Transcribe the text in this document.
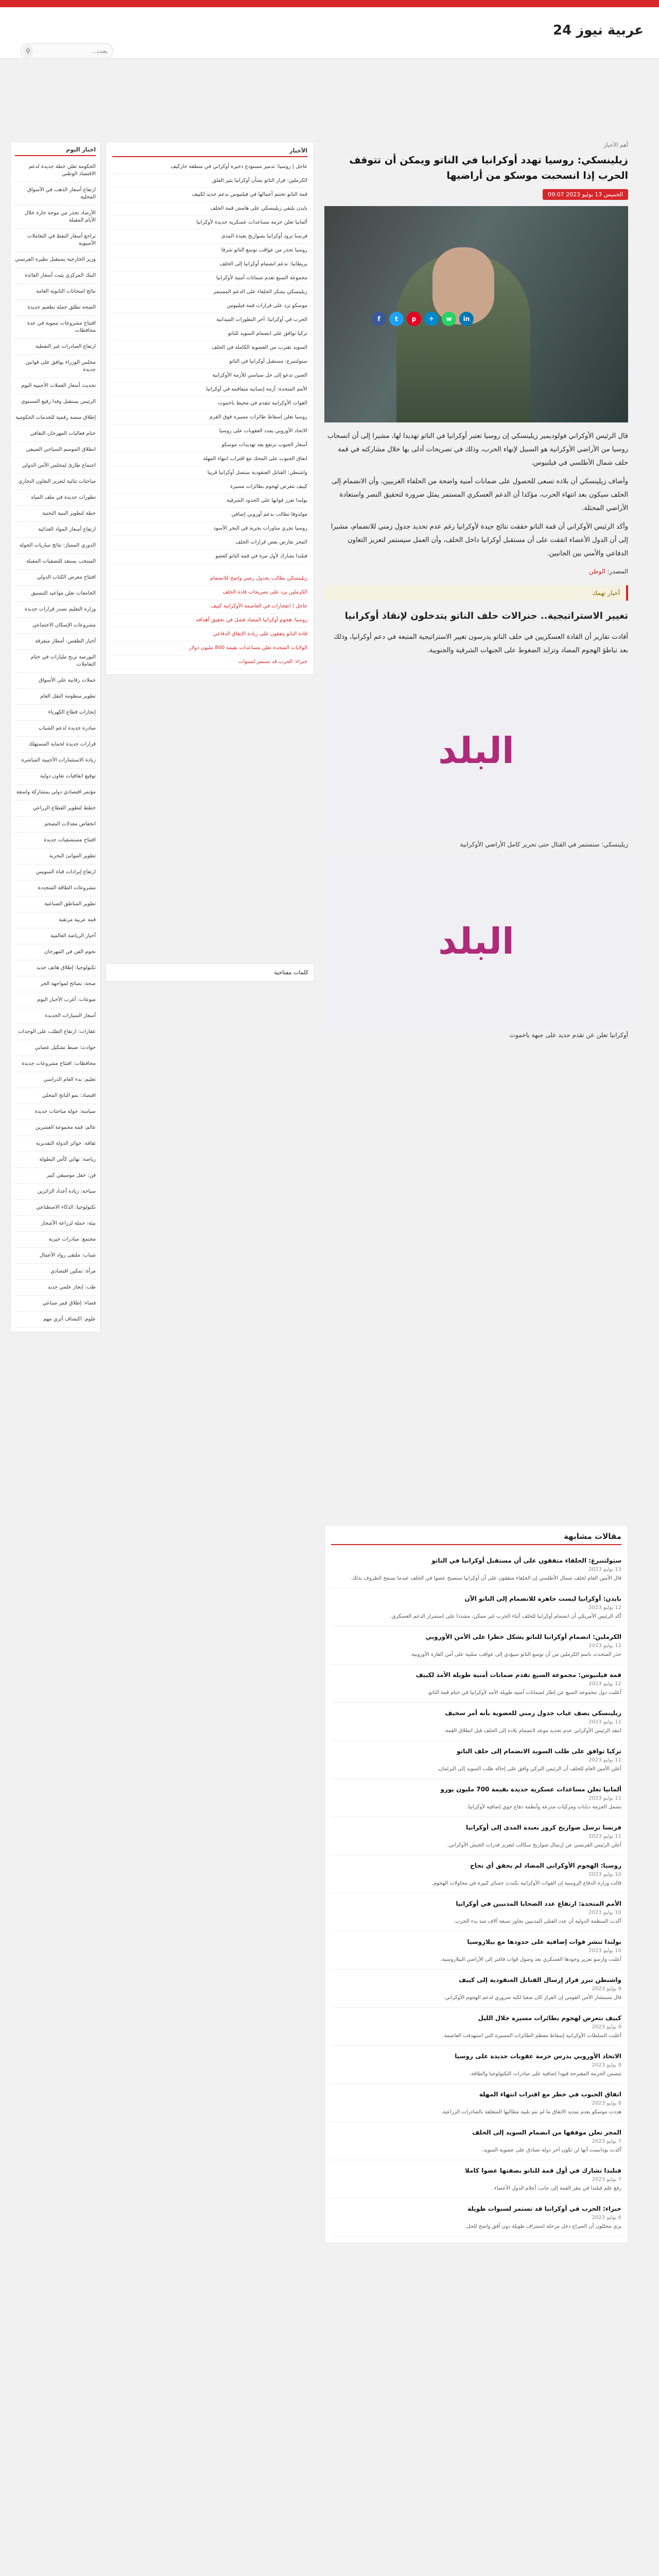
عربية نيوز 24
بحث...
⚲
اخبار اليوم
الحكومة تعلن خطة جديدة لدعم الاقتصاد الوطني
ارتفاع أسعار الذهب في الأسواق المحلية
الأرصاد تحذر من موجة حارة خلال الأيام المقبلة
تراجع أسعار النفط في التعاملات الآسيوية
وزير الخارجية يستقبل نظيره الفرنسي
البنك المركزي يثبت أسعار الفائدة
نتائج امتحانات الثانوية العامة
الصحة تطلق حملة تطعيم جديدة
افتتاح مشروعات تنموية في عدة محافظات
ارتفاع الصادرات غير النفطية
مجلس الوزراء يوافق على قوانين جديدة
تحديث أسعار العملات الأجنبية اليوم
الرئيس يستقبل وفدا رفيع المستوى
إطلاق منصة رقمية للخدمات الحكومية
ختام فعاليات المهرجان الثقافي
انطلاق الموسم السياحي الصيفي
اجتماع طارئ لمجلس الأمن الدولي
مباحثات ثنائية لتعزيز التعاون التجاري
تطورات جديدة في ملف المياه
خطة لتطوير البنية التحتية
ارتفاع أسعار المواد الغذائية
الدوري الممتاز: نتائج مباريات الجولة
المنتخب يستعد للتصفيات المقبلة
افتتاح معرض الكتاب الدولي
الجامعات تعلن مواعيد التنسيق
وزارة التعليم تصدر قرارات جديدة
مشروعات الإسكان الاجتماعي
أخبار الطقس: أمطار متفرقة
البورصة تربح مليارات في ختام التعاملات
حملات رقابية على الأسواق
تطوير منظومة النقل العام
إنجازات قطاع الكهرباء
مبادرة جديدة لدعم الشباب
قرارات جديدة لحماية المستهلك
زيادة الاستثمارات الأجنبية المباشرة
توقيع اتفاقيات تعاون دولية
مؤتمر اقتصادي دولي بمشاركة واسعة
خطط لتطوير القطاع الزراعي
انخفاض معدلات التضخم
افتتاح مستشفيات جديدة
تطوير الموانئ البحرية
ارتفاع إيرادات قناة السويس
مشروعات الطاقة المتجددة
تطوير المناطق الصناعية
قمة عربية مرتقبة
أخبار الرياضة العالمية
نجوم الفن في المهرجان
تكنولوجيا: إطلاق هاتف جديد
صحة: نصائح لمواجهة الحر
منوعات: أغرب الأخبار اليوم
أسعار السيارات الجديدة
عقارات: ارتفاع الطلب على الوحدات
حوادث: ضبط تشكيل عصابي
محافظات: افتتاح مشروعات جديدة
تعليم: بدء العام الدراسي
اقتصاد: نمو الناتج المحلي
سياسة: جولة مباحثات جديدة
عالم: قمة مجموعة العشرين
ثقافة: جوائز الدولة التقديرية
رياضة: نهائي كأس البطولة
فن: حفل موسيقي كبير
سياحة: زيادة أعداد الزائرين
تكنولوجيا: الذكاء الاصطناعي
بيئة: حملة لزراعة الأشجار
مجتمع: مبادرات خيرية
شباب: ملتقى رواد الأعمال
مرأة: تمكين اقتصادي
طب: إنجاز علمي جديد
فضاء: إطلاق قمر صناعي
علوم: اكتشاف أثري مهم
الأخبار
عاجل | روسيا: تدمير مستودع ذخيرة أوكراني في منطقة خاركيف
الكرملين: قرار الناتو بشأن أوكرانيا يثير القلق
قمة الناتو تختتم أعمالها في فيلنيوس بدعم جديد لكييف
بايدن يلتقي زيلينسكي على هامش قمة الحلف
ألمانيا تعلن حزمة مساعدات عسكرية جديدة لأوكرانيا
فرنسا تزود أوكرانيا بصواريخ بعيدة المدى
روسيا تحذر من عواقب توسع الناتو شرقا
بريطانيا: ندعم انضمام أوكرانيا إلى الحلف
مجموعة السبع تقدم ضمانات أمنية لأوكرانيا
زيلينسكي يشكر الحلفاء على الدعم المستمر
موسكو ترد على قرارات قمة فيلنيوس
الحرب في أوكرانيا: آخر التطورات الميدانية
تركيا توافق على انضمام السويد للناتو
السويد تقترب من العضوية الكاملة في الحلف
ستولتنبرغ: مستقبل أوكرانيا في الناتو
الصين تدعو إلى حل سياسي للأزمة الأوكرانية
الأمم المتحدة: أزمة إنسانية متفاقمة في أوكرانيا
القوات الأوكرانية تتقدم في محيط باخموت
روسيا تعلن إسقاط طائرات مسيرة فوق القرم
الاتحاد الأوروبي يمدد العقوبات على روسيا
أسعار الحبوب ترتفع بعد تهديدات موسكو
اتفاق الحبوب على المحك مع اقتراب انتهاء المهلة
واشنطن: القنابل العنقودية ستصل أوكرانيا قريبا
كييف تتعرض لهجوم بطائرات مسيرة
بولندا تعزز قواتها على الحدود الشرقية
مولدوفا تطالب بدعم أوروبي إضافي
روسيا تجري مناورات بحرية في البحر الأسود
المجر تعارض بعض قرارات الحلف
فنلندا تشارك لأول مرة في قمة الناتو كعضو
زيلينسكي يطالب بجدول زمني واضح للانضمام
الكرملين يرد على تصريحات قادة الحلف
عاجل | انفجارات في العاصمة الأوكرانية كييف
روسيا: هجوم أوكرانيا المضاد فشل في تحقيق أهدافه
قادة الناتو يتفقون على زيادة الإنفاق الدفاعي
الولايات المتحدة تعلن مساعدات بقيمة 800 مليون دولار
خبراء: الحرب قد تستمر لسنوات
كلمات مفتاحية
أهم الأخبار
زيلينسكي: روسيا تهدد أوكرانيا في الناتو ويمكن أن تتوقف الحرب إذا انسحبت موسكو من أراضيها
الخميس 13 يوليو 2023 09:07
f	t	p	✈	w	in

قال الرئيس الأوكراني فولوديمير زيلينسكي إن روسيا تعتبر أوكرانيا في الناتو تهديدا لها، مشيرا إلى أن انسحاب روسيا من الأراضي الأوكرانية هو السبيل لإنهاء الحرب، وذلك في تصريحات أدلى بها خلال مشاركته في قمة حلف شمال الأطلسي في فيلنيوس.

وأضاف زيلينسكي أن بلاده تسعى للحصول على ضمانات أمنية واضحة من الحلفاء الغربيين، وأن الانضمام إلى الحلف سيكون بعد انتهاء الحرب، مؤكدا أن الدعم العسكري المستمر يمثل ضرورة لتحقيق النصر واستعادة الأراضي المحتلة.

وأكد الرئيس الأوكراني أن قمة الناتو حققت نتائج جيدة لأوكرانيا رغم عدم تحديد جدول زمني للانضمام، مشيرا إلى أن الدول الأعضاء اتفقت على أن مستقبل أوكرانيا داخل الحلف، وأن العمل سيستمر لتعزيز التعاون الدفاعي والأمني بين الجانبين.

المصدر: الوطن
أخبار تهمك
تغيير الاستراتيجية.. جنرالات حلف الناتو يتدخلون لإنقاذ أوكرانيا
أفادت تقارير أن القادة العسكريين في حلف الناتو يدرسون تغيير الاستراتيجية المتبعة في دعم أوكرانيا، وذلك بعد تباطؤ الهجوم المضاد وتزايد الضغوط على الجبهات الشرقية والجنوبية.
البلد
زيلينسكي: سنستمر في القتال حتى تحرير كامل الأراضي الأوكرانية
البلد
أوكرانيا تعلن عن تقدم جديد على جبهة باخموت
مقالات مشابهة
ستولتنبرغ: الحلفاء متفقون على أن مستقبل أوكرانيا في الناتو
13 يوليو 2023
قال الأمين العام لحلف شمال الأطلسي إن الحلفاء متفقون على أن أوكرانيا ستصبح عضوا في الحلف عندما تسمح الظروف بذلك.
بايدن: أوكرانيا ليست جاهزة للانضمام إلى الناتو الآن
12 يوليو 2023
أكد الرئيس الأمريكي أن انضمام أوكرانيا للحلف أثناء الحرب غير ممكن، مشددا على استمرار الدعم العسكري.
الكرملين: انضمام أوكرانيا للناتو يشكل خطرا على الأمن الأوروبي
12 يوليو 2023
حذر المتحدث باسم الكرملين من أن توسع الناتو سيؤدي إلى عواقب سلبية على أمن القارة الأوروبية.
قمة فيلنيوس: مجموعة السبع تقدم ضمانات أمنية طويلة الأمد لكييف
12 يوليو 2023
أعلنت دول مجموعة السبع عن إطار لضمانات أمنية طويلة الأمد لأوكرانيا في ختام قمة الناتو.
زيلينسكي يصف غياب جدول زمني للعضوية بأنه أمر سخيف
11 يوليو 2023
انتقد الرئيس الأوكراني عدم تحديد موعد لانضمام بلاده إلى الحلف قبل انطلاق القمة.
تركيا توافق على طلب السويد الانضمام إلى حلف الناتو
11 يوليو 2023
أعلن الأمين العام للحلف أن الرئيس التركي وافق على إحالة طلب السويد إلى البرلمان.
ألمانيا تعلن مساعدات عسكرية جديدة بقيمة 700 مليون يورو
11 يوليو 2023
تشمل الحزمة دبابات ومركبات مدرعة وأنظمة دفاع جوي إضافية لأوكرانيا.
فرنسا ترسل صواريخ كروز بعيدة المدى إلى أوكرانيا
11 يوليو 2023
أعلن الرئيس الفرنسي عن إرسال صواريخ سكالب لتعزيز قدرات الجيش الأوكراني.
روسيا: الهجوم الأوكراني المضاد لم يحقق أي نجاح
10 يوليو 2023
قالت وزارة الدفاع الروسية إن القوات الأوكرانية تكبدت خسائر كبيرة في محاولات الهجوم.
الأمم المتحدة: ارتفاع عدد الضحايا المدنيين في أوكرانيا
10 يوليو 2023
أكدت المنظمة الدولية أن عدد القتلى المدنيين تجاوز تسعة آلاف منذ بدء الحرب.
بولندا تنشر قوات إضافية على حدودها مع بيلاروسيا
10 يوليو 2023
أعلنت وارسو تعزيز وجودها العسكري بعد وصول قوات فاغنر إلى الأراضي البيلاروسية.
واشنطن تبرر قرار إرسال القنابل العنقودية إلى كييف
9 يوليو 2023
قال مستشار الأمن القومي إن القرار كان صعبا لكنه ضروري لدعم الهجوم الأوكراني.
كييف تتعرض لهجوم بطائرات مسيرة خلال الليل
9 يوليو 2023
أعلنت السلطات الأوكرانية إسقاط معظم الطائرات المسيرة التي استهدفت العاصمة.
الاتحاد الأوروبي يدرس حزمة عقوبات جديدة على روسيا
8 يوليو 2023
تتضمن الحزمة المقترحة قيودا إضافية على صادرات التكنولوجيا والطاقة.
اتفاق الحبوب في خطر مع اقتراب انتهاء المهلة
8 يوليو 2023
هددت موسكو بعدم تمديد الاتفاق ما لم تتم تلبية مطالبها المتعلقة بالصادرات الزراعية.
المجر تعلن موقفها من انضمام السويد إلى الحلف
7 يوليو 2023
أكدت بودابست أنها لن تكون آخر دولة تصادق على عضوية السويد.
فنلندا تشارك في أول قمة للناتو بصفتها عضوا كاملا
7 يوليو 2023
رفع علم فنلندا في مقر القمة إلى جانب أعلام الدول الأعضاء.
خبراء: الحرب في أوكرانيا قد تستمر لسنوات طويلة
6 يوليو 2023
يرى محللون أن الصراع دخل مرحلة استنزاف طويلة دون أفق واضح للحل.
